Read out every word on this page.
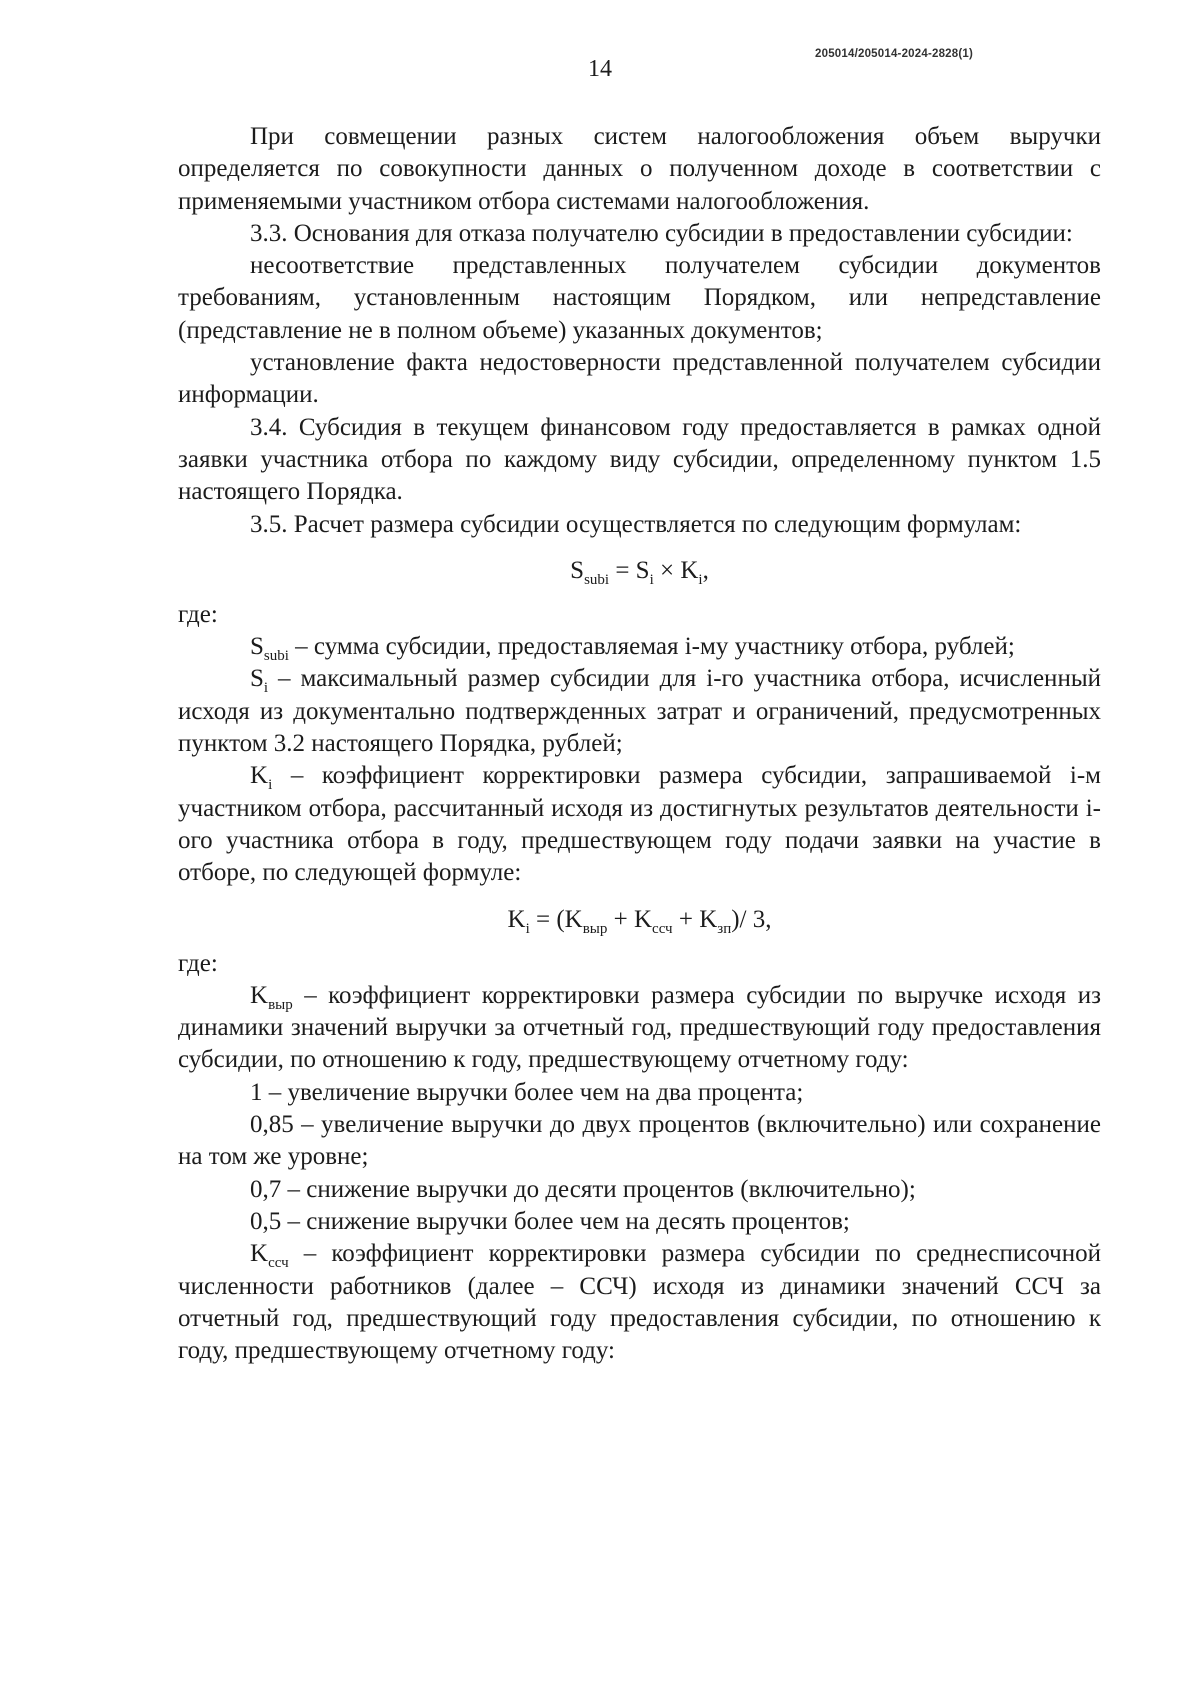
14
205014/205014-2024-2828(1)

При совмещении разных систем налогообложения объем выручки определяется по совокупности данных о полученном доходе в соответствии с применяемыми участником отбора системами налогообложения.

3.3. Основания для отказа получателю субсидии в предоставлении субсидии:

несоответствие представленных получателем субсидии документов требованиям, установленным настоящим Порядком, или непредставление (представление не в полном объеме) указанных документов;

установление факта недостоверности представленной получателем субсидии информации.

3.4. Субсидия в текущем финансовом году предоставляется в рамках одной заявки участника отбора по каждому виду субсидии, определенному пунктом 1.5 настоящего Порядка.

3.5. Расчет размера субсидии осуществляется по следующим формулам:

$S_{subi} = S_i \times K_i$,

где:

$S_{subi}$ – сумма субсидии, предоставляемая i-му участнику отбора, рублей;

$S_i$ – максимальный размер субсидии для i-го участника отбора, исчисленный исходя из документально подтвержденных затрат и ограничений, предусмотренных пунктом 3.2 настоящего Порядка, рублей;

$K_i$ – коэффициент корректировки размера субсидии, запрашиваемой i-м участником отбора, рассчитанный исходя из достигнутых результатов деятельности i-ого участника отбора в году, предшествующем году подачи заявки на участие в отборе, по следующей формуле:

$K_i = (K_{выр} + K_{ссч} + K_{зп})/$ 3,

где:

$K_{выр}$ – коэффициент корректировки размера субсидии по выручке исходя из динамики значений выручки за отчетный год, предшествующий году предоставления субсидии, по отношению к году, предшествующему отчетному году:

1 – увеличение выручки более чем на два процента;

0,85 – увеличение выручки до двух процентов (включительно) или сохранение на том же уровне;

0,7 – снижение выручки до десяти процентов (включительно);

0,5 – снижение выручки более чем на десять процентов;

$K_{ссч}$ – коэффициент корректировки размера субсидии по среднесписочной численности работников (далее – ССЧ) исходя из динамики значений ССЧ за отчетный год, предшествующий году предоставления субсидии, по отношению к году, предшествующему отчетному году:
